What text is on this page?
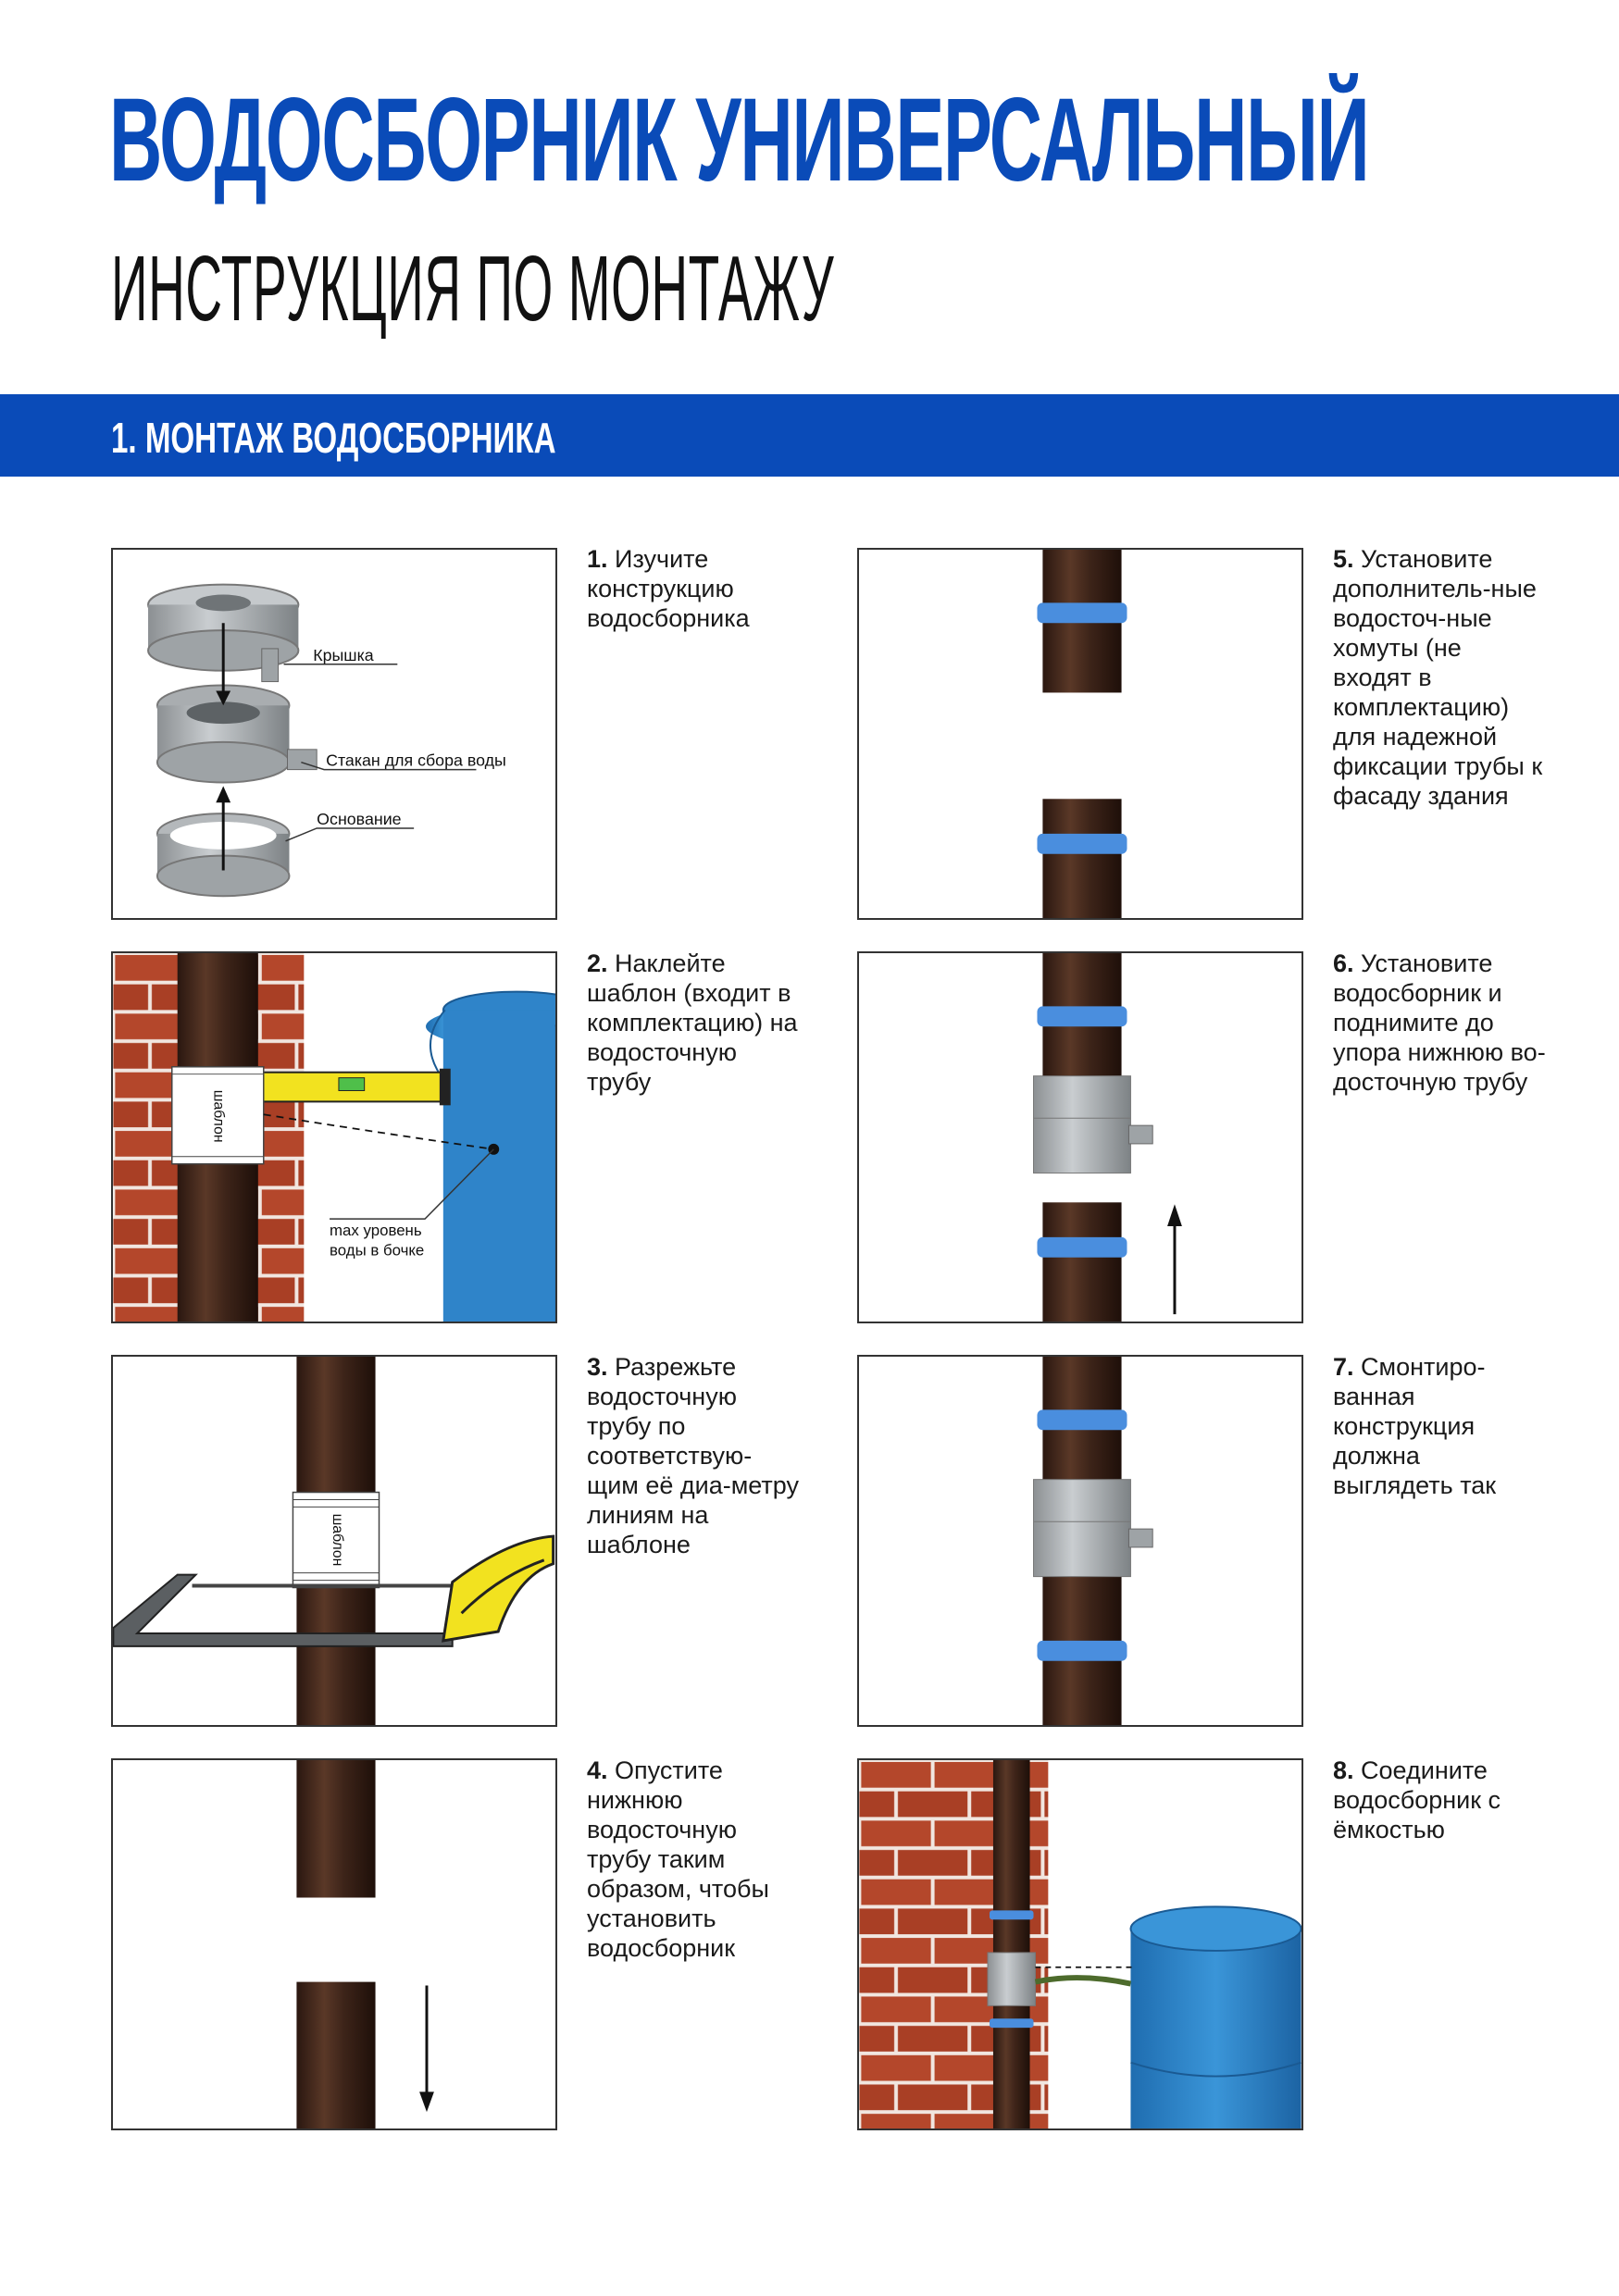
ВОДОСБОРНИК УНИВЕРСАЛЬНЫЙ
ИНСТРУКЦИЯ ПО МОНТАЖУ
1. МОНТАЖ ВОДОСБОРНИКА
Крышка
Стакан для сбора воды
Основание
1. Изучите конструкцию водосборника
шаблон
max уровень
воды в бочке
2. Наклейте шаблон (входит в комплектацию) на водосточную трубу
шаблон
3. Разрежьте водосточную трубу по соответствую-щим её диа-метру линиям на шаблоне
4. Опустите нижнюю водосточную трубу таким образом, чтобы установить водосборник
5. Установите дополнитель-ные водосточ-ные хомуты (не входят в комплектацию) для надежной фиксации трубы к фасаду здания
6. Установите водосборник и поднимите до упора нижнюю во-досточную трубу
7. Смонтиро-ванная конструкция должна выглядеть так
8. Соедините водосборник с ёмкостью
